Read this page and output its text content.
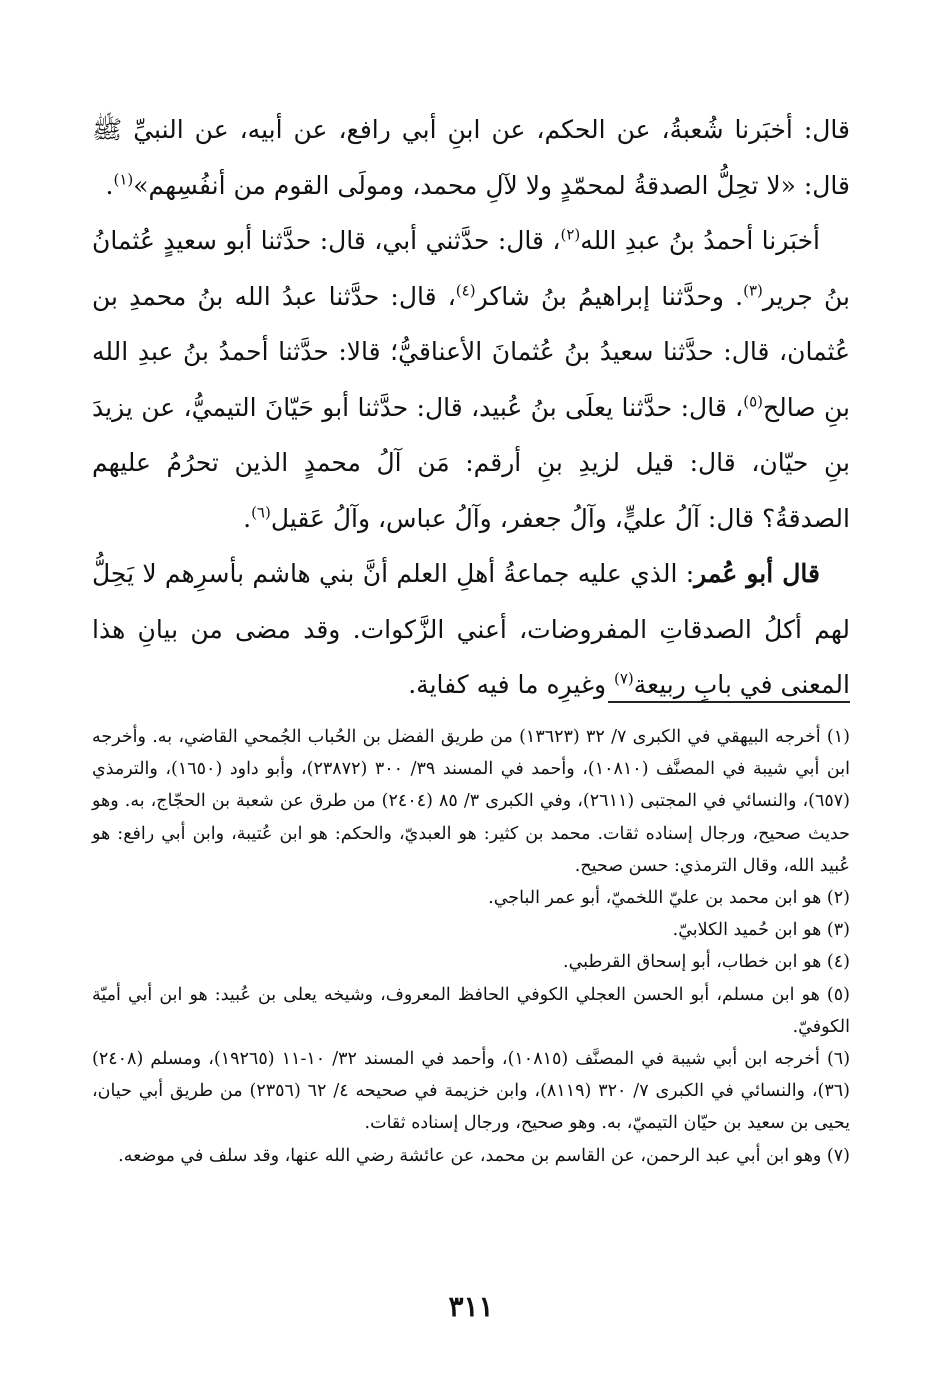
قال: أخبَرنا شُعبةُ، عن الحكم، عن ابنِ أبي رافع، عن أبيه، عن النبيِّ ﷺ قال: «لا تحِلُّ الصدقةُ لمحمّدٍ ولا لآلِ محمد، ومولَى القوم من أنفُسِهم»$^{(١)}$.

أخبَرنا أحمدُ بنُ عبدِ الله$^{(٢)}$، قال: حدَّثني أبي، قال: حدَّثنا أبو سعيدٍ عُثمانُ بنُ جرير$^{(٣)}$. وحدَّثنا إبراهيمُ بنُ شاكر$^{(٤)}$، قال: حدَّثنا عبدُ الله بنُ محمدِ بن عُثمان، قال: حدَّثنا سعيدُ بنُ عُثمانَ الأعناقيُّ؛ قالا: حدَّثنا أحمدُ بنُ عبدِ الله بنِ صالح$^{(٥)}$، قال: حدَّثنا يعلَى بنُ عُبيد، قال: حدَّثنا أبو حَيّانَ التيميُّ، عن يزيدَ بنِ حيّان، قال: قيل لزيدِ بنِ أرقم: مَن آلُ محمدٍ الذين تحرُمُ عليهم الصدقةُ؟ قال: آلُ عليٍّ، وآلُ جعفر، وآلُ عباس، وآلُ عَقيل$^{(٦)}$.

قال أبو عُمر: الذي عليه جماعةُ أهلِ العلم أنَّ بني هاشم بأسرِهم لا يَحِلُّ لهم أكلُ الصدقاتِ المفروضات، أعني الزَّكوات. وقد مضى من بيانِ هذا المعنى في بابِ ربيعة$^{(٧)}$ وغيرِه ما فيه كفاية.

(١) أخرجه البيهقي في الكبرى ٧/ ٣٢ (١٣٦٢٣) من طريق الفضل بن الحُباب الجُمحي القاضي، به. وأخرجه ابن أبي شيبة في المصنَّف (١٠٨١٠)، وأحمد في المسند ٣٩/ ٣٠٠ (٢٣٨٧٢)، وأبو داود (١٦٥٠)، والترمذي (٦٥٧)، والنسائي في المجتبى (٢٦١١)، وفي الكبرى ٣/ ٨٥ (٢٤٠٤) من طرق عن شعبة بن الحجّاج، به. وهو حديث صحيح، ورجال إسناده ثقات. محمد بن كثير: هو العبديّ، والحكم: هو ابن عُتيبة، وابن أبي رافع: هو عُبيد الله، وقال الترمذي: حسن صحيح.

(٢) هو ابن محمد بن عليّ اللخميّ، أبو عمر الباجي.

(٣) هو ابن حُميد الكلابيّ.

(٤) هو ابن خطاب، أبو إسحاق القرطبي.

(٥) هو ابن مسلم، أبو الحسن العجلي الكوفي الحافظ المعروف، وشيخه يعلى بن عُبيد: هو ابن أبي أميّة الكوفيّ.

(٦) أخرجه ابن أبي شيبة في المصنَّف (١٠٨١٥)، وأحمد في المسند ٣٢/ ١٠-١١ (١٩٢٦٥)، ومسلم (٢٤٠٨) (٣٦)، والنسائي في الكبرى ٧/ ٣٢٠ (٨١١٩)، وابن خزيمة في صحيحه ٤/ ٦٢ (٢٣٥٦) من طريق أبي حيان، يحيى بن سعيد بن حيّان التيميّ، به. وهو صحيح، ورجال إسناده ثقات.

(٧) وهو ابن أبي عبد الرحمن، عن القاسم بن محمد، عن عائشة رضي الله عنها، وقد سلف في موضعه.

٣١١
